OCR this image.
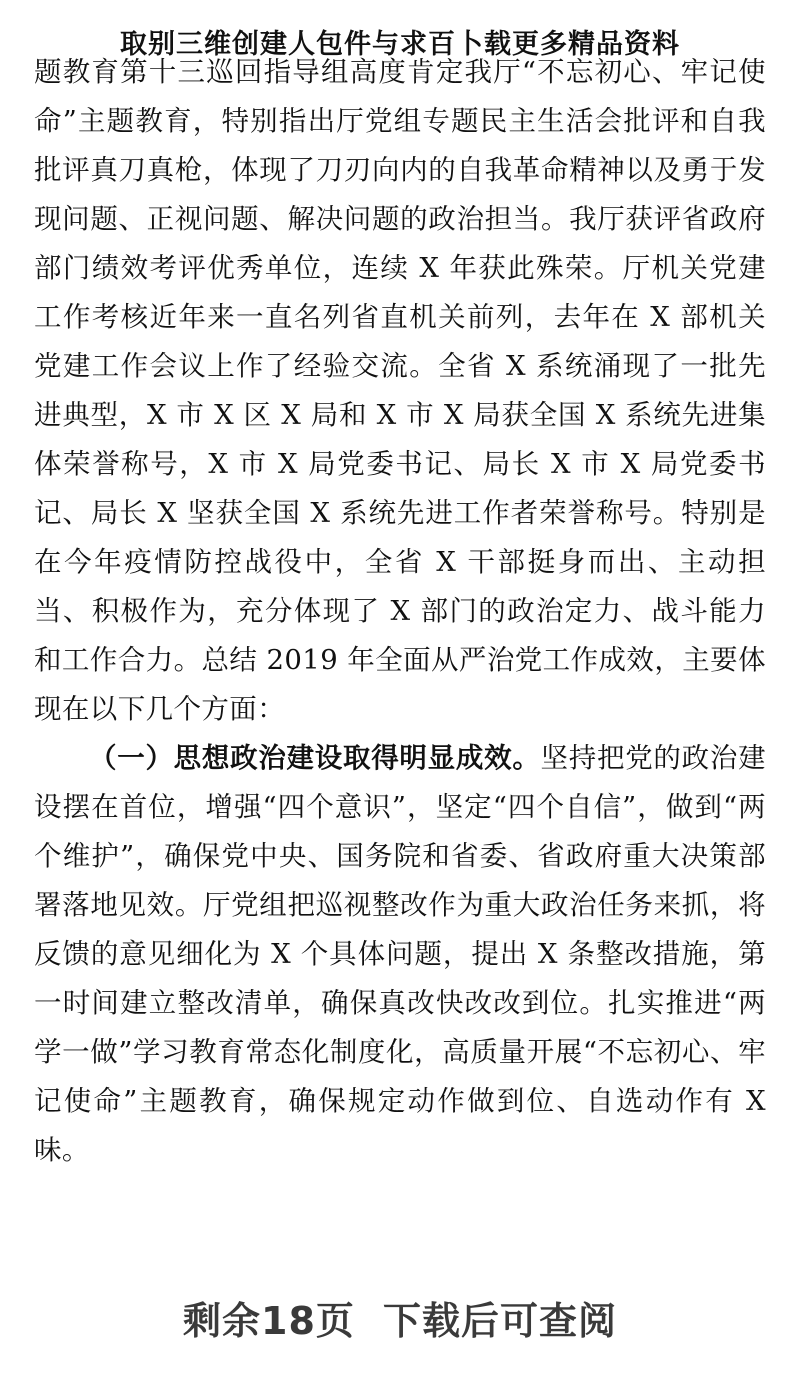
取别三维创建人包件与求百卜载更多精品资料

题教育第十三巡回指导组高度肯定我厅“不忘初心、牢记使命”主题教育，特别指出厅党组专题民主生活会批评和自我批评真刀真枪，体现了刀刃向内的自我革命精神以及勇于发现问题、正视问题、解决问题的政治担当。我厅获评省政府部门绩效考评优秀单位，连续 X 年获此殊荣。厅机关党建工作考核近年来一直名列省直机关前列，去年在 X 部机关党建工作会议上作了经验交流。全省 X 系统涌现了一批先进典型，X 市 X 区 X 局和 X 市 X 局获全国 X 系统先进集体荣誉称号，X 市 X 局党委书记、局长 X 市 X 局党委书记、局长 X 坚获全国 X 系统先进工作者荣誉称号。特别是在今年疫情防控战役中，全省 X 干部挺身而出、主动担当、积极作为，充分体现了 X 部门的政治定力、战斗能力和工作合力。总结 2019 年全面从严治党工作成效，主要体现在以下几个方面：

（一）思想政治建设取得明显成效。坚持把党的政治建设摆在首位，增强“四个意识”，坚定“四个自信”，做到“两个维护”，确保党中央、国务院和省委、省政府重大决策部署落地见效。厅党组把巡视整改作为重大政治任务来抓，将反馈的意见细化为 X 个具体问题，提出 X 条整改措施，第一时间建立整改清单，确保真改快改改到位。扎实推进“两学一做”学习教育常态化制度化，高质量开展“不忘初心、牢记使命”主题教育，确保规定动作做到位、自选动作有 X 味。

剩余18页 下载后可查阅
